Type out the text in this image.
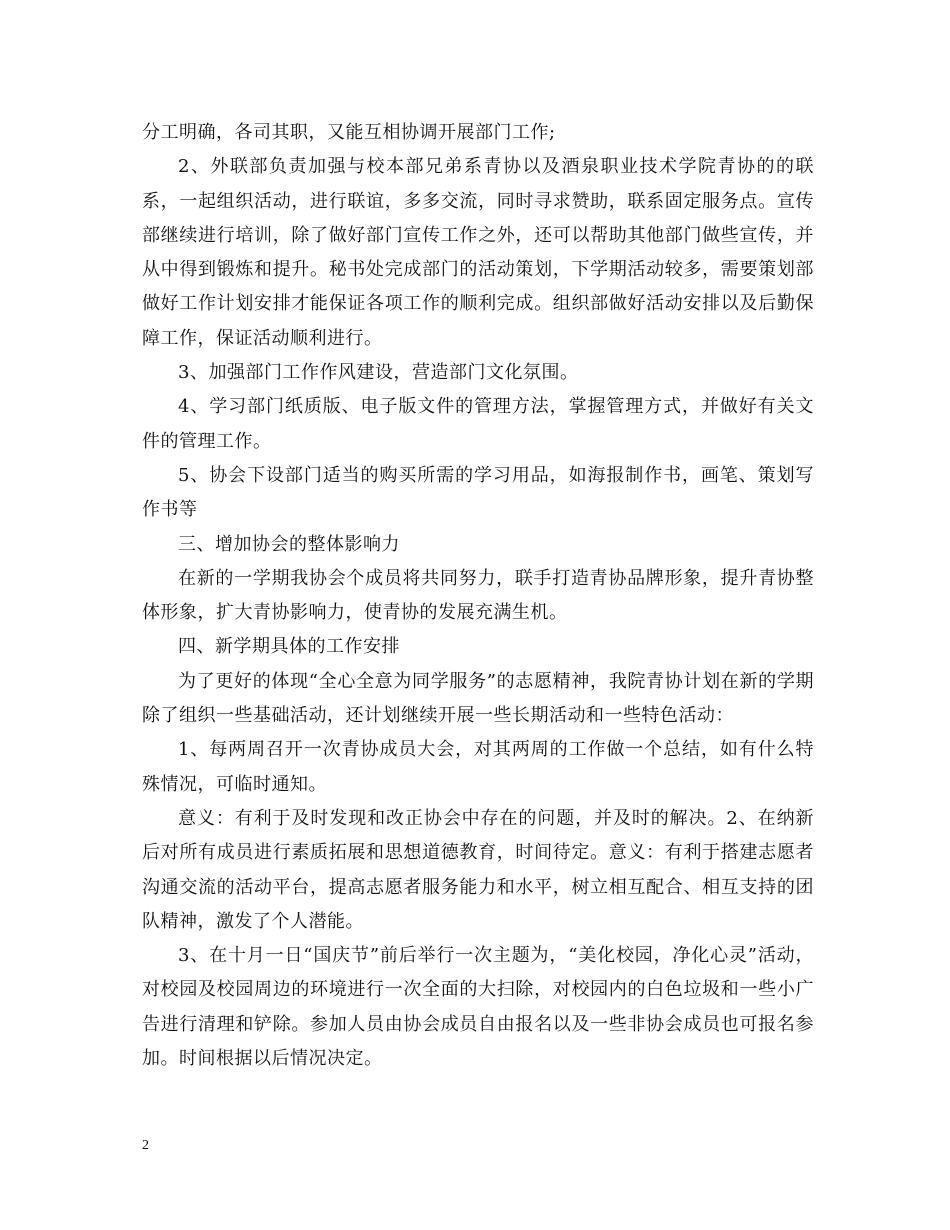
分工明确，各司其职，又能互相协调开展部门工作;

2、外联部负责加强与校本部兄弟系青协以及酒泉职业技术学院青协的的联系，一起组织活动，进行联谊，多多交流，同时寻求赞助，联系固定服务点。宣传部继续进行培训，除了做好部门宣传工作之外，还可以帮助其他部门做些宣传，并从中得到锻炼和提升。秘书处完成部门的活动策划，下学期活动较多，需要策划部做好工作计划安排才能保证各项工作的顺利完成。组织部做好活动安排以及后勤保障工作，保证活动顺利进行。

3、加强部门工作作风建设，营造部门文化氛围。

4、学习部门纸质版、电子版文件的管理方法，掌握管理方式，并做好有关文件的管理工作。

5、协会下设部门适当的购买所需的学习用品，如海报制作书，画笔、策划写作书等

三、增加协会的整体影响力

在新的一学期我协会个成员将共同努力，联手打造青协品牌形象，提升青协整体形象，扩大青协影响力，使青协的发展充满生机。

四、新学期具体的工作安排

为了更好的体现“全心全意为同学服务”的志愿精神，我院青协计划在新的学期除了组织一些基础活动，还计划继续开展一些长期活动和一些特色活动：

1、每两周召开一次青协成员大会，对其两周的工作做一个总结，如有什么特殊情况，可临时通知。

意义：有利于及时发现和改正协会中存在的问题，并及时的解决。2、在纳新后对所有成员进行素质拓展和思想道德教育，时间待定。意义：有利于搭建志愿者沟通交流的活动平台，提高志愿者服务能力和水平，树立相互配合、相互支持的团队精神，激发了个人潜能。

3、在十月一日“国庆节”前后举行一次主题为，“美化校园，净化心灵”活动，对校园及校园周边的环境进行一次全面的大扫除，对校园内的白色垃圾和一些小广告进行清理和铲除。参加人员由协会成员自由报名以及一些非协会成员也可报名参加。时间根据以后情况决定。

2
